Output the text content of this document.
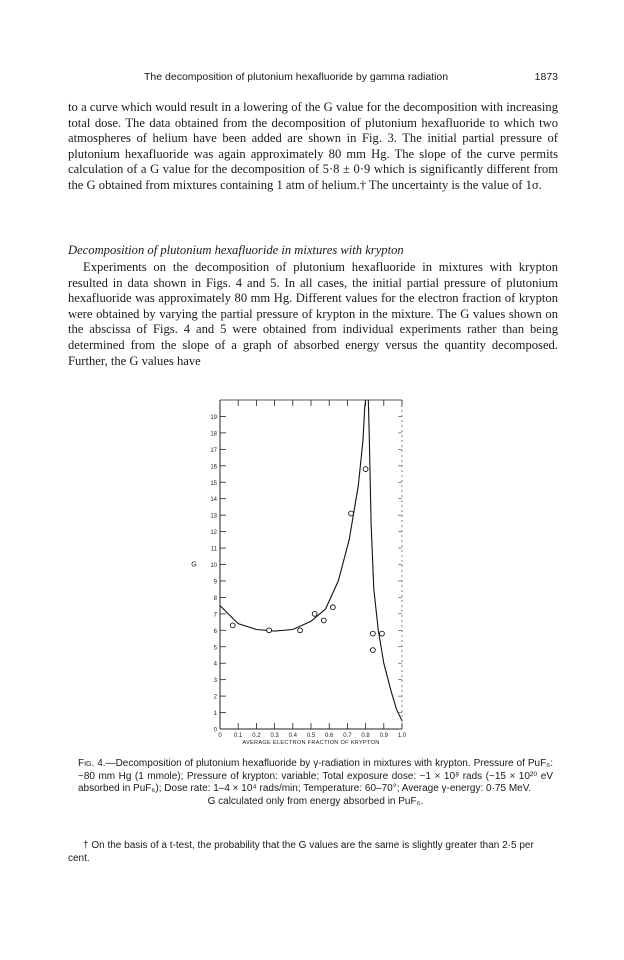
The decomposition of plutonium hexafluoride by gamma radiation	1873

to a curve which would result in a lowering of the G value for the decomposition with increasing total dose. The data obtained from the decomposition of plutonium hexafluoride to which two atmospheres of helium have been added are shown in Fig. 3. The initial partial pressure of plutonium hexafluoride was again approximately 80 mm Hg. The slope of the curve permits calculation of a G value for the decomposition of 5·8 ± 0·9 which is significantly different from the G obtained from mixtures containing 1 atm of helium.† The uncertainty is the value of 1σ.

Decomposition of plutonium hexafluoride in mixtures with krypton

Experiments on the decomposition of plutonium hexafluoride in mixtures with krypton resulted in data shown in Figs. 4 and 5. In all cases, the initial partial pressure of plutonium hexafluoride was approximately 80 mm Hg. Different values for the electron fraction of krypton were obtained by varying the partial pressure of krypton in the mixture. The G values shown on the abscissa of Figs. 4 and 5 were obtained from individual experiments rather than being determined from the slope of a graph of absorbed energy versus the quantity decomposed. Further, the G values have

0
1
2
3
4
5
6
7
8
9
10
11
12
13
14
15
16
17
18
19
0 0.1 0.2 0.3 0.4 0.5 0.6 0.7 0.8 0.9 1.0
AVERAGE ELECTRON FRACTION OF KRYPTON
G
Fig. 4.—Decomposition of plutonium hexafluoride by γ-radiation in mixtures with krypton. Pressure of PuF₆: ~80 mm Hg (1 mmole); Pressure of krypton: variable; Total exposure dose: ~1 × 10⁸ rads (~15 × 10²⁰ eV absorbed in PuF₆); Dose rate: 1–4 × 10⁴ rads/min; Temperature: 60–70°; Average γ-energy: 0·75 MeV.
G calculated only from energy absorbed in PuF₆.
† On the basis of a t-test, the probability that the G values are the same is slightly greater than 2·5 per cent.
